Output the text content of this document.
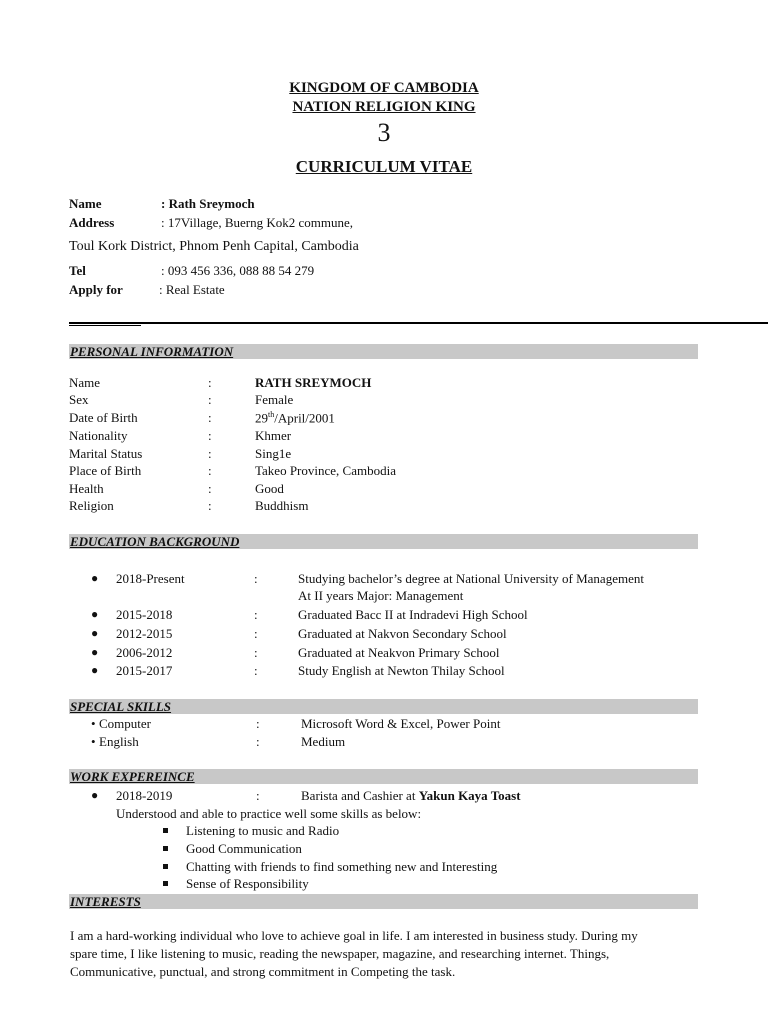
KINGDOM OF CAMBODIA
NATION RELIGION KING
3
CURRICULUM VITAE
Name	: Rath Sreymoch
Address	: 17Village, Buerng Kok2 commune,
Toul Kork District, Phnom Penh Capital, Cambodia
Tel	: 093 456 336, 088 88 54 279
Apply for	: Real Estate
PERSONAL INFORMATION
Name	:	RATH SREYMOCH
Sex	:	Female
Date of Birth	:	29th/April/2001
Nationality	:	Khmer
Marital Status	:	Sing1e
Place of Birth	:	Takeo Province, Cambodia
Health	:	Good
Religion	:	Buddhism
EDUCATION BACKGROUND
● 2018-Present	:	Studying bachelor’s degree at National University of Management
At II years Major: Management
● 2015-2018	:	Graduated Bacc II at Indradevi High School
● 2012-2015	:	Graduated at Nakvon Secondary School
● 2006-2012	:	Graduated at Neakvon Primary School
● 2015-2017	:	Study English at Newton Thilay School
SPECIAL SKILLS
• Computer	:	Microsoft Word & Excel, Power Point
• English	:	Medium
WORK EXPEREINCE
● 2018-2019	:	Barista and Cashier at Yakun Kaya Toast
Understood and able to practice well some skills as below:
Listening to music and Radio
Good Communication
Chatting with friends to find something new and Interesting
Sense of Responsibility
INTERESTS
I am a hard-working individual who love to achieve goal in life. I am interested in business study. During my
spare time, I like listening to music, reading the newspaper, magazine, and researching internet. Things,
Communicative, punctual, and strong commitment in Competing the task.
